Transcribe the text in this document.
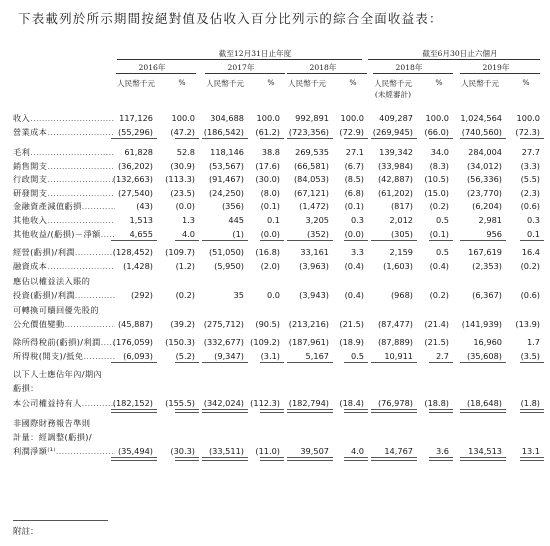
下表載列於所示期間按絕對值及佔收入百分比列示的綜合全面收益表：
截至12月31日止年度	截至6月30日止六個月
2016年
人民幣千元	%
2017年
人民幣千元	%
2018年
人民幣千元	%
2018年
人民幣千元	%
(未經審計)
2019年
人民幣千元	%
收入 .....	117,126	100.0	304,688	100.0	992,891	100.0	409,287	100.0	1,024,564	100.0
營業成本 .....	(55,296)	(47.2)	(186,542)	(61.2)	(723,356)	(72.9)	(269,945)	(66.0)	(740,560)	(72.3)
毛利 .....	61,828	52.8	118,146	38.8	269,535	27.1	139,342	34.0	284,004	27.7
銷售開支 .....	(36,202)	(30.9)	(53,567)	(17.6)	(66,581)	(6.7)	(33,984)	(8.3)	(34,012)	(3.3)
行政開支 .....	(132,663)	(113.3)	(91,467)	(30.0)	(84,053)	(8.5)	(42,887)	(10.5)	(56,336)	(5.5)
研發開支 .....	(27,540)	(23.5)	(24,250)	(8.0)	(67,121)	(6.8)	(61,202)	(15.0)	(23,770)	(2.3)
金融資產減值虧損 .....	(43)	(0.0)	(356)	(0.1)	(1,472)	(0.1)	(817)	(0.2)	(6,204)	(0.6)
其他收入 .....	1,513	1.3	445	0.1	3,205	0.3	2,012	0.5	2,981	0.3
其他收益/(虧損)－淨額 .....	4,655	4.0	(1)	(0.0)	(352)	(0.0)	(305)	(0.1)	956	0.1
經營(虧損)/利潤 .....	(128,452)	(109.7)	(51,050)	(16.8)	33,161	3.3	2,159	0.5	167,619	16.4
融資成本 .....	(1,428)	(1.2)	(5,950)	(2.0)	(3,963)	(0.4)	(1,603)	(0.4)	(2,353)	(0.2)
應佔以權益法入賬的
投資(虧損)/利潤 .....	(292)	(0.2)	35	0.0	(3,943)	(0.4)	(968)	(0.2)	(6,367)	(0.6)
可轉換可贖回優先股的
公允價值變動 .....	(45,887)	(39.2)	(275,712)	(90.5)	(213,216)	(21.5)	(87,477)	(21.4)	(141,939)	(13.9)
除所得稅前(虧損)/利潤 .....	(176,059)	(150.3)	(332,677) (109.2)	(187,961)	(18.9)	(87,889)	(21.5)	16,960	1.7
所得稅(開支)/抵免 .....	(6,093)	(5.2)	(9,347)	(3.1)	5,167	0.5	10,911	2.7	(35,608)	(3.5)
以下人士應佔年內/期內
虧損：
本公司權益持有人 .....	(182,152)	(155.5)	(342,024) (112.3)	(182,794)	(18.4)	(76,978)	(18.8)	(18,648)	(1.8)
非國際財務報告準則
計量：經調整(虧損)/
利潤淨額⁽¹⁾ .....	(35,494)	(30.3)	(33,511)	(11.0)	39,507	4.0	14,767	3.6	134,513	13.1
附註：
